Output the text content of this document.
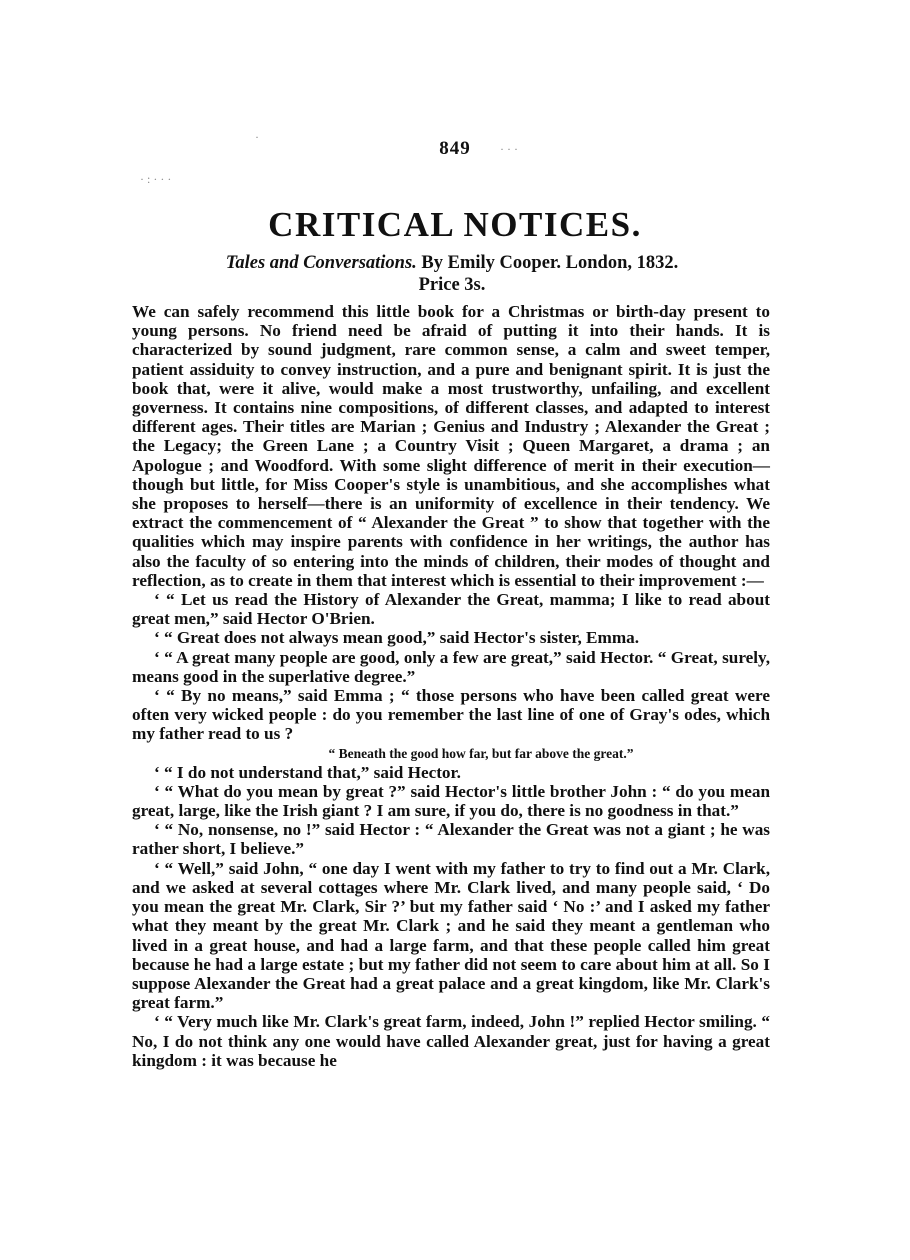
·
· · ·
· : · · ·
849
CRITICAL NOTICES.
Tales and Conversations. By Emily Cooper. London, 1832.
Price 3s.

We can safely recommend this little book for a Christmas or birth-day present to young persons. No friend need be afraid of putting it into their hands. It is characterized by sound judgment, rare common sense, a calm and sweet temper, patient assiduity to convey instruction, and a pure and benignant spirit. It is just the book that, were it alive, would make a most trustworthy, unfailing, and excellent governess. It contains nine compositions, of different classes, and adapted to interest different ages. Their titles are Marian ; Genius and Industry ; Alexander the Great ; the Legacy; the Green Lane ; a Country Visit ; Queen Margaret, a drama ; an Apologue ; and Woodford. With some slight difference of merit in their execution—though but little, for Miss Cooper's style is unambitious, and she accomplishes what she proposes to herself—there is an uniformity of excellence in their tendency. We extract the commencement of “ Alexander the Great ” to show that together with the qualities which may inspire parents with confidence in her writings, the author has also the faculty of so entering into the minds of children, their modes of thought and reflection, as to create in them that interest which is essential to their improvement :—

‘ “ Let us read the History of Alexander the Great, mamma; I like to read about great men,” said Hector O'Brien.

‘ “ Great does not always mean good,” said Hector's sister, Emma.

‘ “ A great many people are good, only a few are great,” said Hector. “ Great, surely, means good in the superlative degree.”

‘ “ By no means,” said Emma ; “ those persons who have been called great were often very wicked people : do you remember the last line of one of Gray's odes, which my father read to us ?

“ Beneath the good how far, but far above the great.”

‘ “ I do not understand that,” said Hector.

‘ “ What do you mean by great ?” said Hector's little brother John : “ do you mean great, large, like the Irish giant ? I am sure, if you do, there is no goodness in that.”

‘ “ No, nonsense, no !” said Hector : “ Alexander the Great was not a giant ; he was rather short, I believe.”

‘ “ Well,” said John, “ one day I went with my father to try to find out a Mr. Clark, and we asked at several cottages where Mr. Clark lived, and many people said, ‘ Do you mean the great Mr. Clark, Sir ?’ but my father said ‘ No :’ and I asked my father what they meant by the great Mr. Clark ; and he said they meant a gentleman who lived in a great house, and had a large farm, and that these people called him great because he had a large estate ; but my father did not seem to care about him at all. So I suppose Alexander the Great had a great palace and a great kingdom, like Mr. Clark's great farm.”

‘ “ Very much like Mr. Clark's great farm, indeed, John !” replied Hector smiling. “ No, I do not think any one would have called Alexander great, just for having a great kingdom : it was because he
